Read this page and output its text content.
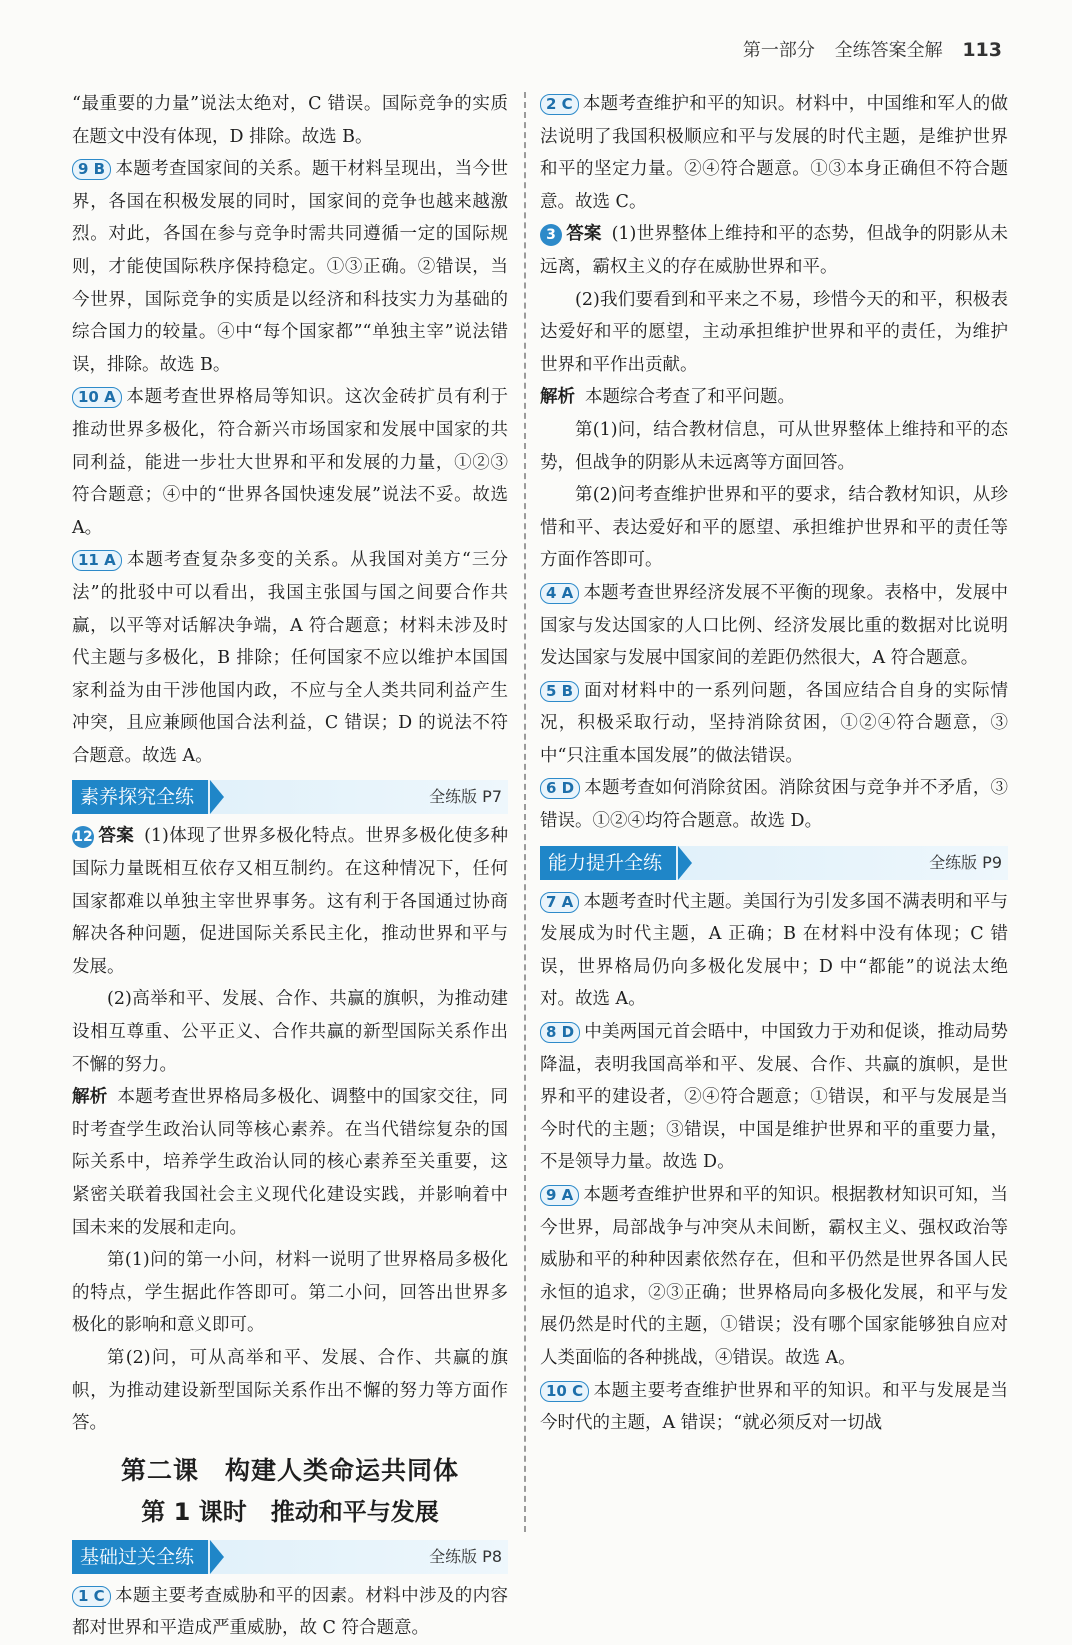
第一部分 全练答案全解 113

“最重要的力量”说法太绝对，C 错误。国际竞争的实质在题文中没有体现，D 排除。故选 B。

9 B 本题考查国家间的关系。题干材料呈现出，当今世界，各国在积极发展的同时，国家间的竞争也越来越激烈。对此，各国在参与竞争时需共同遵循一定的国际规则，才能使国际秩序保持稳定。①③正确。②错误，当今世界，国际竞争的实质是以经济和科技实力为基础的综合国力的较量。④中“每个国家都”“单独主宰”说法错误，排除。故选 B。

10 A 本题考查世界格局等知识。这次金砖扩员有利于推动世界多极化，符合新兴市场国家和发展中国家的共同利益，能进一步壮大世界和平和发展的力量，①②③符合题意；④中的“世界各国快速发展”说法不妥。故选 A。

11 A 本题考查复杂多变的关系。从我国对美方“三分法”的批驳中可以看出，我国主张国与国之间要合作共赢，以平等对话解决争端，A 符合题意；材料未涉及时代主题与多极化，B 排除；任何国家不应以维护本国国家利益为由干涉他国内政，不应与全人类共同利益产生冲突，且应兼顾他国合法利益，C 错误；D 的说法不符合题意。故选 A。

素养探究全练	全练版 P7

12 答案 (1)体现了世界多极化特点。世界多极化使多种国际力量既相互依存又相互制约。在这种情况下，任何国家都难以单独主宰世界事务。这有利于各国通过协商解决各种问题，促进国际关系民主化，推动世界和平与发展。

(2)高举和平、发展、合作、共赢的旗帜，为推动建设相互尊重、公平正义、合作共赢的新型国际关系作出不懈的努力。

解析 本题考查世界格局多极化、调整中的国家交往，同时考查学生政治认同等核心素养。在当代错综复杂的国际关系中，培养学生政治认同的核心素养至关重要，这紧密关联着我国社会主义现代化建设实践，并影响着中国未来的发展和走向。

第(1)问的第一小问，材料一说明了世界格局多极化的特点，学生据此作答即可。第二小问，回答出世界多极化的影响和意义即可。

第(2)问，可从高举和平、发展、合作、共赢的旗帜，为推动建设新型国际关系作出不懈的努力等方面作答。

第二课　构建人类命运共同体
第 1 课时　推动和平与发展
基础过关全练	全练版 P8

1 C 本题主要考查威胁和平的因素。材料中涉及的内容都对世界和平造成严重威胁，故 C 符合题意。

2 C 本题考查维护和平的知识。材料中，中国维和军人的做法说明了我国积极顺应和平与发展的时代主题，是维护世界和平的坚定力量。②④符合题意。①③本身正确但不符合题意。故选 C。

3 答案 (1)世界整体上维持和平的态势，但战争的阴影从未远离，霸权主义的存在威胁世界和平。

(2)我们要看到和平来之不易，珍惜今天的和平，积极表达爱好和平的愿望，主动承担维护世界和平的责任，为维护世界和平作出贡献。

解析 本题综合考查了和平问题。

第(1)问，结合教材信息，可从世界整体上维持和平的态势，但战争的阴影从未远离等方面回答。

第(2)问考查维护世界和平的要求，结合教材知识，从珍惜和平、表达爱好和平的愿望、承担维护世界和平的责任等方面作答即可。

4 A 本题考查世界经济发展不平衡的现象。表格中，发展中国家与发达国家的人口比例、经济发展比重的数据对比说明发达国家与发展中国家间的差距仍然很大，A 符合题意。

5 B 面对材料中的一系列问题，各国应结合自身的实际情况，积极采取行动，坚持消除贫困，①②④符合题意，③中“只注重本国发展”的做法错误。

6 D 本题考查如何消除贫困。消除贫困与竞争并不矛盾，③错误。①②④均符合题意。故选 D。

能力提升全练	全练版 P9

7 A 本题考查时代主题。美国行为引发多国不满表明和平与发展成为时代主题，A 正确；B 在材料中没有体现；C 错误，世界格局仍向多极化发展中；D 中“都能”的说法太绝对。故选 A。

8 D 中美两国元首会晤中，中国致力于劝和促谈，推动局势降温，表明我国高举和平、发展、合作、共赢的旗帜，是世界和平的建设者，②④符合题意；①错误，和平与发展是当今时代的主题；③错误，中国是维护世界和平的重要力量，不是领导力量。故选 D。

9 A 本题考查维护世界和平的知识。根据教材知识可知，当今世界，局部战争与冲突从未间断，霸权主义、强权政治等威胁和平的种种因素依然存在，但和平仍然是世界各国人民永恒的追求，②③正确；世界格局向多极化发展，和平与发展仍然是时代的主题，①错误；没有哪个国家能够独自应对人类面临的各种挑战，④错误。故选 A。

10 C 本题主要考查维护世界和平的知识。和平与发展是当今时代的主题，A 错误；“就必须反对一切战
